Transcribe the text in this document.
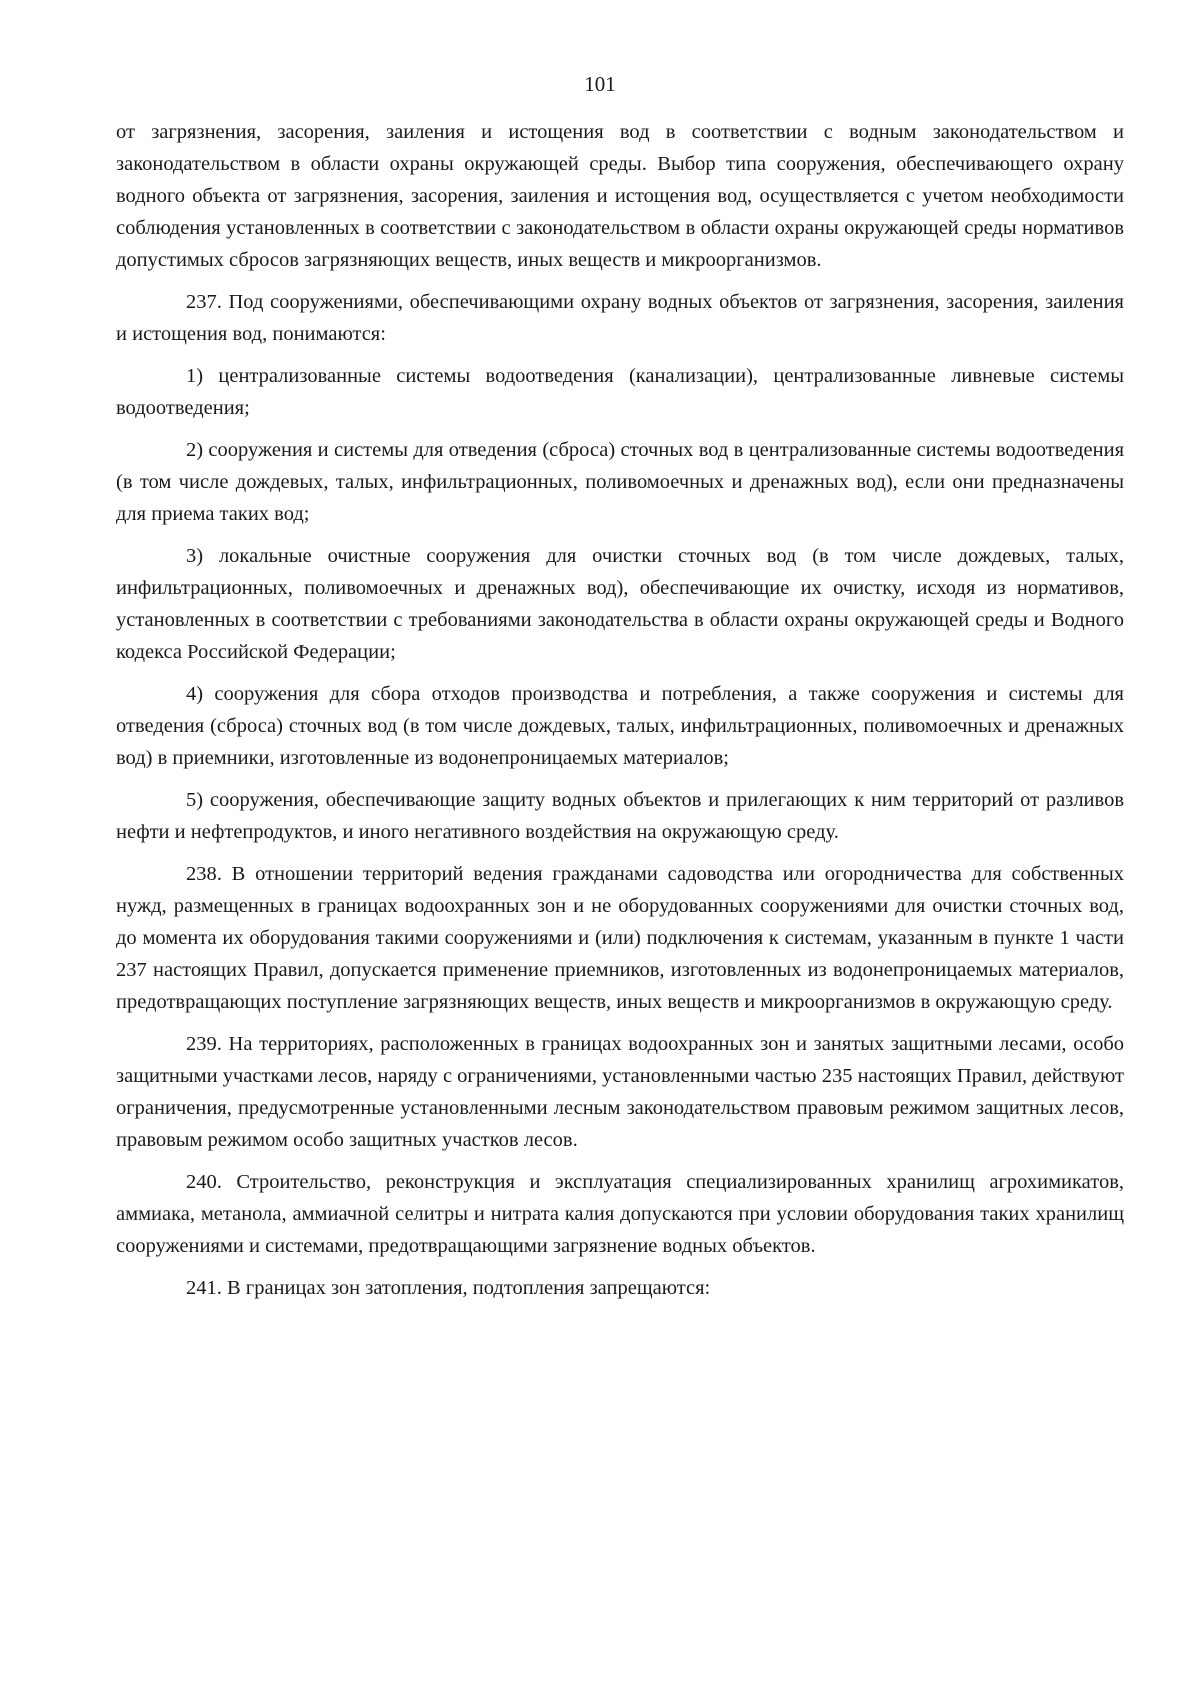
101

от загрязнения, засорения, заиления и истощения вод в соответствии с водным законодательством и законодательством в области охраны окружающей среды. Выбор типа сооружения, обеспечивающего охрану водного объекта от загрязнения, засорения, заиления и истощения вод, осуществляется с учетом необходимости соблюдения установленных в соответствии с законодательством в области охраны окружающей среды нормативов допустимых сбросов загрязняющих веществ, иных веществ и микроорганизмов.

237. Под сооружениями, обеспечивающими охрану водных объектов от загрязнения, засорения, заиления и истощения вод, понимаются:

1) централизованные системы водоотведения (канализации), централизованные ливневые системы водоотведения;

2) сооружения и системы для отведения (сброса) сточных вод в централизованные системы водоотведения (в том числе дождевых, талых, инфильтрационных, поливомоечных и дренажных вод), если они предназначены для приема таких вод;

3) локальные очистные сооружения для очистки сточных вод (в том числе дождевых, талых, инфильтрационных, поливомоечных и дренажных вод), обеспечивающие их очистку, исходя из нормативов, установленных в соответствии с требованиями законодательства в области охраны окружающей среды и Водного кодекса Российской Федерации;

4) сооружения для сбора отходов производства и потребления, а также сооружения и системы для отведения (сброса) сточных вод (в том числе дождевых, талых, инфильтрационных, поливомоечных и дренажных вод) в приемники, изготовленные из водонепроницаемых материалов;

5) сооружения, обеспечивающие защиту водных объектов и прилегающих к ним территорий от разливов нефти и нефтепродуктов, и иного негативного воздействия на окружающую среду.

238. В отношении территорий ведения гражданами садоводства или огородничества для собственных нужд, размещенных в границах водоохранных зон и не оборудованных сооружениями для очистки сточных вод, до момента их оборудования такими сооружениями и (или) подключения к системам, указанным в пункте 1 части 237 настоящих Правил, допускается применение приемников, изготовленных из водонепроницаемых материалов, предотвращающих поступление загрязняющих веществ, иных веществ и микроорганизмов в окружающую среду.

239. На территориях, расположенных в границах водоохранных зон и занятых защитными лесами, особо защитными участками лесов, наряду с ограничениями, установленными частью 235 настоящих Правил, действуют ограничения, предусмотренные установленными лесным законодательством правовым режимом защитных лесов, правовым режимом особо защитных участков лесов.

240. Строительство, реконструкция и эксплуатация специализированных хранилищ агрохимикатов, аммиака, метанола, аммиачной селитры и нитрата калия допускаются при условии оборудования таких хранилищ сооружениями и системами, предотвращающими загрязнение водных объектов.

241. В границах зон затопления, подтопления запрещаются:
